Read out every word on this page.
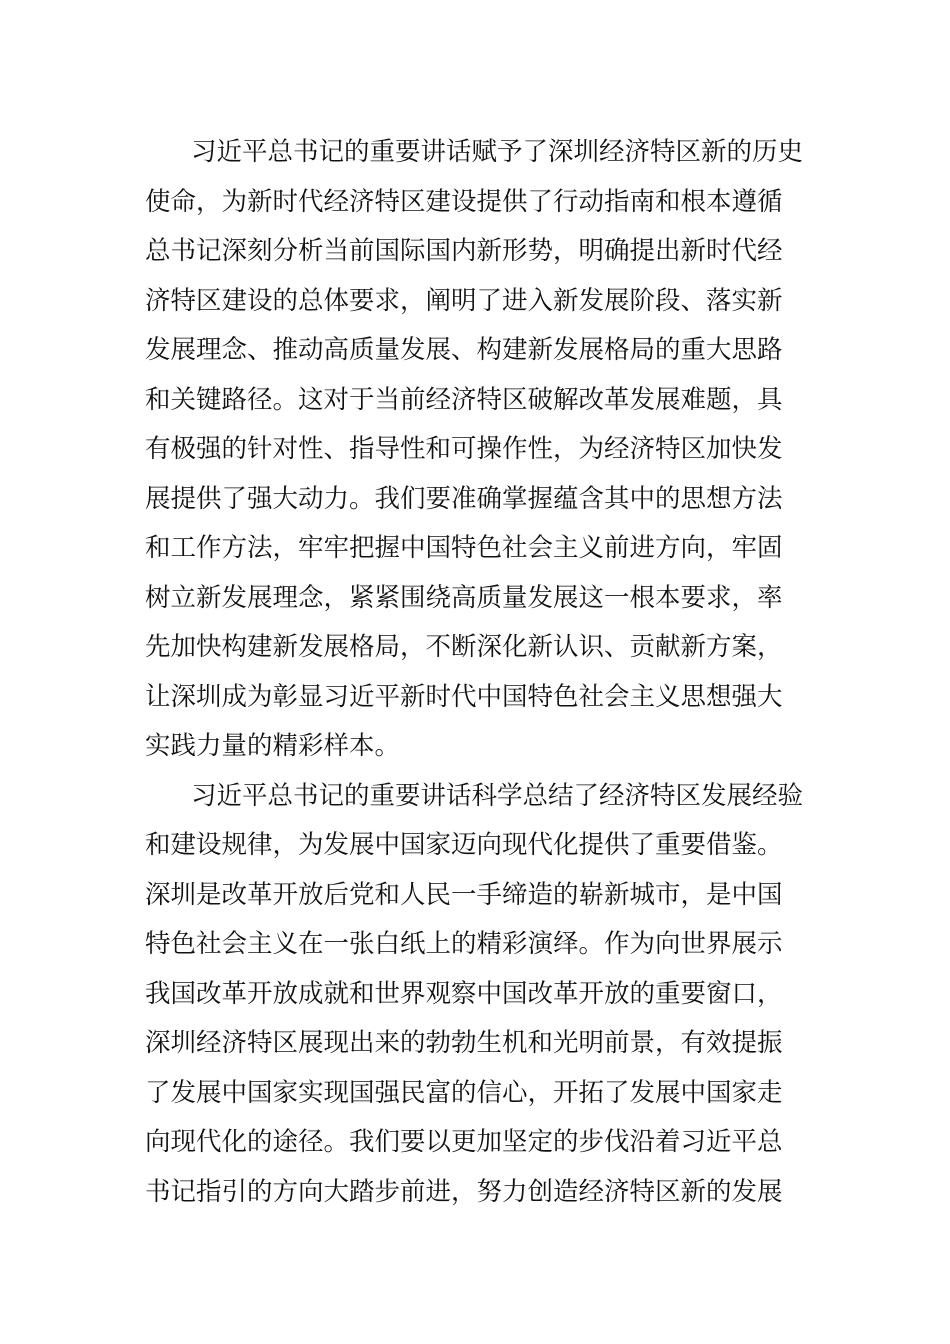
习近平总书记的重要讲话赋予了深圳经济特区新的历史
使命，为新时代经济特区建设提供了行动指南和根本遵循
总书记深刻分析当前国际国内新形势，明确提出新时代经
济特区建设的总体要求，阐明了进入新发展阶段、落实新
发展理念、推动高质量发展、构建新发展格局的重大思路
和关键路径。这对于当前经济特区破解改革发展难题，具
有极强的针对性、指导性和可操作性，为经济特区加快发
展提供了强大动力。我们要准确掌握蕴含其中的思想方法
和工作方法，牢牢把握中国特色社会主义前进方向，牢固
树立新发展理念，紧紧围绕高质量发展这一根本要求，率
先加快构建新发展格局，不断深化新认识、贡献新方案，
让深圳成为彰显习近平新时代中国特色社会主义思想强大
实践力量的精彩样本。
习近平总书记的重要讲话科学总结了经济特区发展经验
和建设规律，为发展中国家迈向现代化提供了重要借鉴。
深圳是改革开放后党和人民一手缔造的崭新城市，是中国
特色社会主义在一张白纸上的精彩演绎。作为向世界展示
我国改革开放成就和世界观察中国改革开放的重要窗口，
深圳经济特区展现出来的勃勃生机和光明前景，有效提振
了发展中国家实现国强民富的信心，开拓了发展中国家走
向现代化的途径。我们要以更加坚定的步伐沿着习近平总
书记指引的方向大踏步前进，努力创造经济特区新的发展
